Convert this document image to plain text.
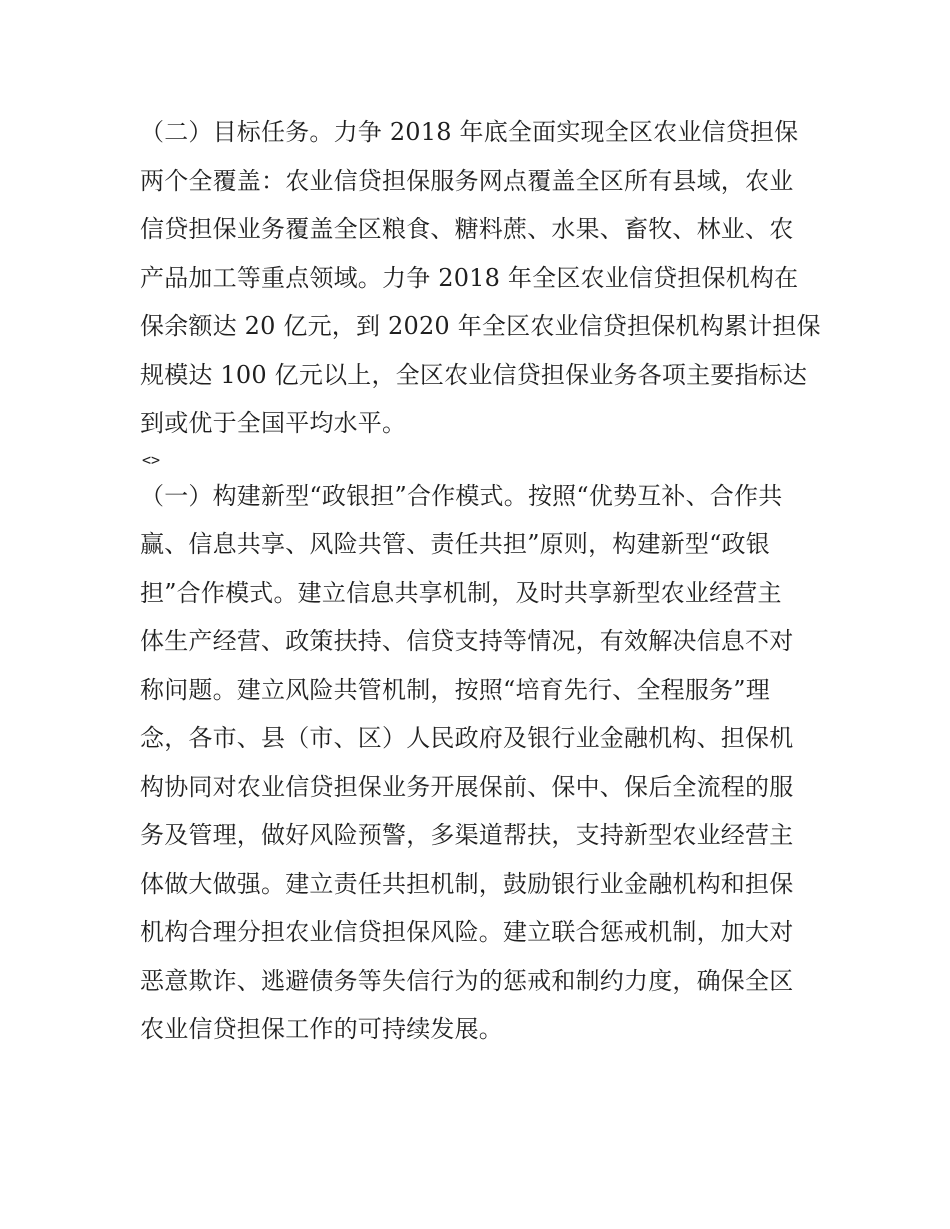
（二）目标任务。力争 2018 年底全面实现全区农业信贷担保
两个全覆盖：农业信贷担保服务网点覆盖全区所有县域，农业
信贷担保业务覆盖全区粮食、糖料蔗、水果、畜牧、林业、农
产品加工等重点领域。力争 2018 年全区农业信贷担保机构在
保余额达 20 亿元，到 2020 年全区农业信贷担保机构累计担保
规模达 100 亿元以上，全区农业信贷担保业务各项主要指标达
到或优于全国平均水平。

<>

（一）构建新型“政银担”合作模式。按照“优势互补、合作共
赢、信息共享、风险共管、责任共担”原则，构建新型“政银
担”合作模式。建立信息共享机制，及时共享新型农业经营主
体生产经营、政策扶持、信贷支持等情况，有效解决信息不对
称问题。建立风险共管机制，按照“培育先行、全程服务”理
念，各市、县（市、区）人民政府及银行业金融机构、担保机
构协同对农业信贷担保业务开展保前、保中、保后全流程的服
务及管理，做好风险预警，多渠道帮扶，支持新型农业经营主
体做大做强。建立责任共担机制，鼓励银行业金融机构和担保
机构合理分担农业信贷担保风险。建立联合惩戒机制，加大对
恶意欺诈、逃避债务等失信行为的惩戒和制约力度，确保全区
农业信贷担保工作的可持续发展。
